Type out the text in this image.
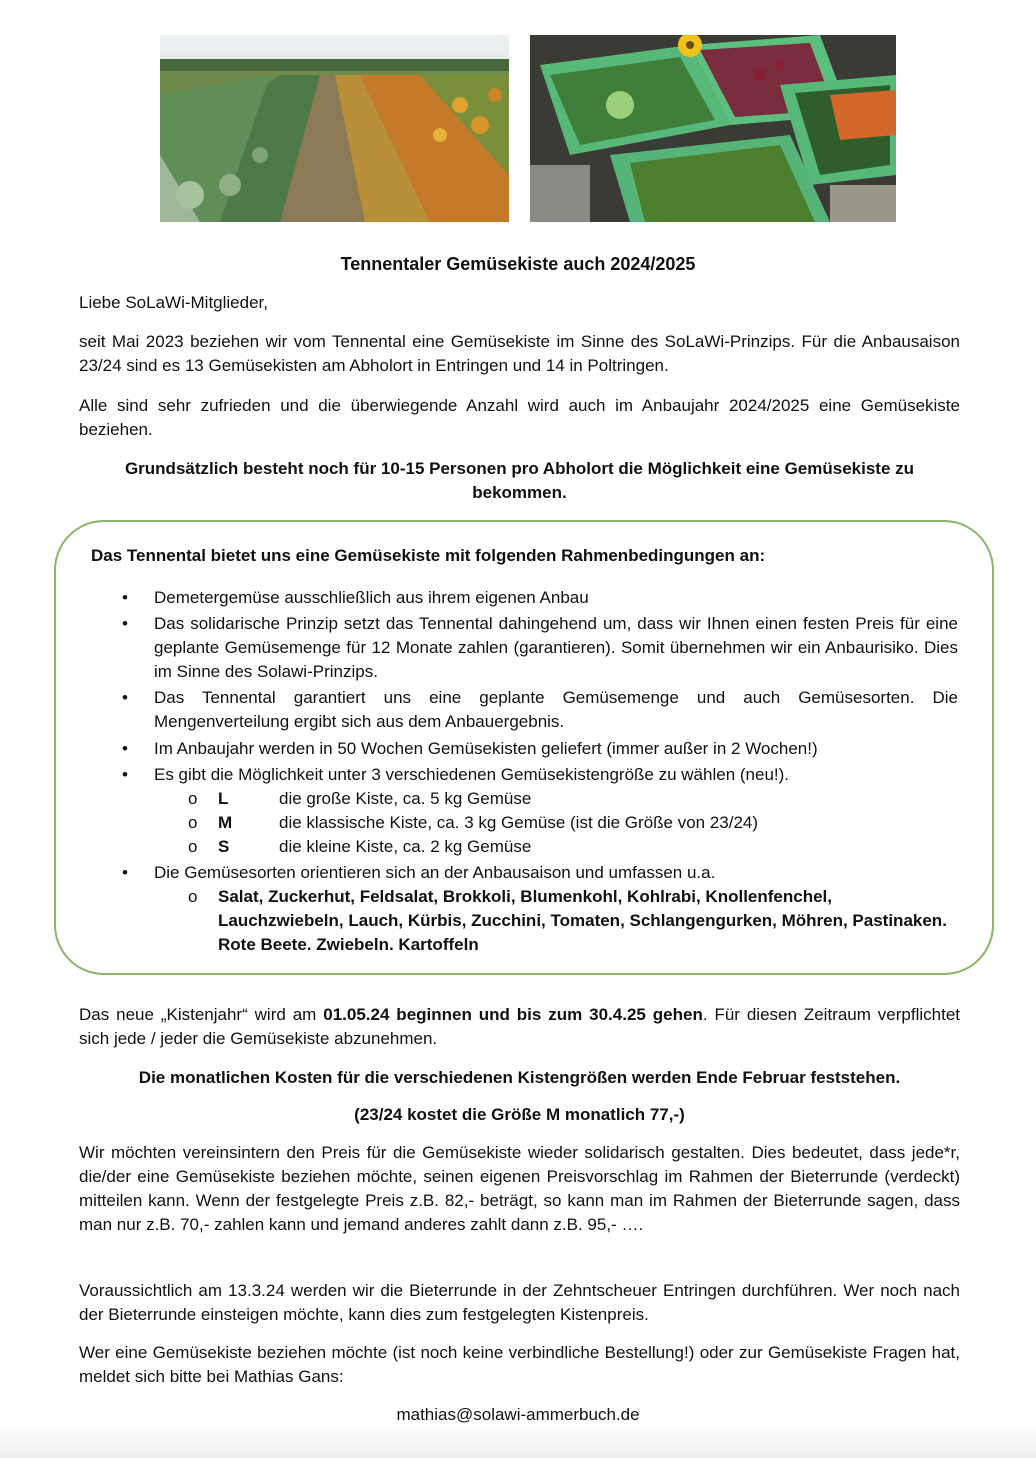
Tennentaler Gemüsekiste auch 2024/2025
Liebe SoLaWi-Mitglieder,
seit Mai 2023 beziehen wir vom Tennental eine Gemüsekiste im Sinne des SoLaWi-Prinzips. Für die Anbausaison 23/24 sind es 13 Gemüsekisten am Abholort in Entringen und 14 in Poltringen.
Alle sind sehr zufrieden und die überwiegende Anzahl wird auch im Anbaujahr 2024/2025 eine Gemüsekiste beziehen.
Grundsätzlich besteht noch für 10-15 Personen pro Abholort die Möglichkeit eine Gemüsekiste zu bekommen.
Das Tennental bietet uns eine Gemüsekiste mit folgenden Rahmenbedingungen an:
• Demetergemüse ausschließlich aus ihrem eigenen Anbau
• Das solidarische Prinzip setzt das Tennental dahingehend um, dass wir Ihnen einen festen Preis für eine geplante Gemüsemenge für 12 Monate zahlen (garantieren). Somit übernehmen wir ein Anbaurisiko. Dies im Sinne des Solawi-Prinzips.
• Das Tennental garantiert uns eine geplante Gemüsemenge und auch Gemüsesorten. Die Mengenverteilung ergibt sich aus dem Anbauergebnis.
• Im Anbaujahr werden in 50 Wochen Gemüsekisten geliefert (immer außer in 2 Wochen!)
• Es gibt die Möglichkeit unter 3 verschiedenen Gemüsekistengröße zu wählen (neu!).
o L	die große Kiste, ca. 5 kg Gemüse
o M	die klassische Kiste, ca. 3 kg Gemüse (ist die Größe von 23/24)
o S	die kleine Kiste, ca. 2 kg Gemüse
• Die Gemüsesorten orientieren sich an der Anbausaison und umfassen u.a.
o Salat, Zuckerhut, Feldsalat, Brokkoli, Blumenkohl, Kohlrabi, Knollenfenchel, Lauchzwiebeln, Lauch, Kürbis, Zucchini, Tomaten, Schlangengurken, Möhren, Pastinaken. Rote Beete. Zwiebeln. Kartoffeln
Das neue „Kistenjahr“ wird am 01.05.24 beginnen und bis zum 30.4.25 gehen. Für diesen Zeitraum verpflichtet sich jede / jeder die Gemüsekiste abzunehmen.
Die monatlichen Kosten für die verschiedenen Kistengrößen werden Ende Februar feststehen.
(23/24 kostet die Größe M monatlich 77,-)
Wir möchten vereinsintern den Preis für die Gemüsekiste wieder solidarisch gestalten. Dies bedeutet, dass jede*r, die/der eine Gemüsekiste beziehen möchte, seinen eigenen Preisvorschlag im Rahmen der Bieterrunde (verdeckt) mitteilen kann. Wenn der festgelegte Preis z.B. 82,- beträgt, so kann man im Rahmen der Bieterrunde sagen, dass man nur z.B. 70,- zahlen kann und jemand anderes zahlt dann z.B. 95,- ….
Voraussichtlich am 13.3.24 werden wir die Bieterrunde in der Zehntscheuer Entringen durchführen. Wer noch nach der Bieterrunde einsteigen möchte, kann dies zum festgelegten Kistenpreis.
Wer eine Gemüsekiste beziehen möchte (ist noch keine verbindliche Bestellung!) oder zur Gemüsekiste Fragen hat, meldet sich bitte bei Mathias Gans:
mathias@solawi-ammerbuch.de
